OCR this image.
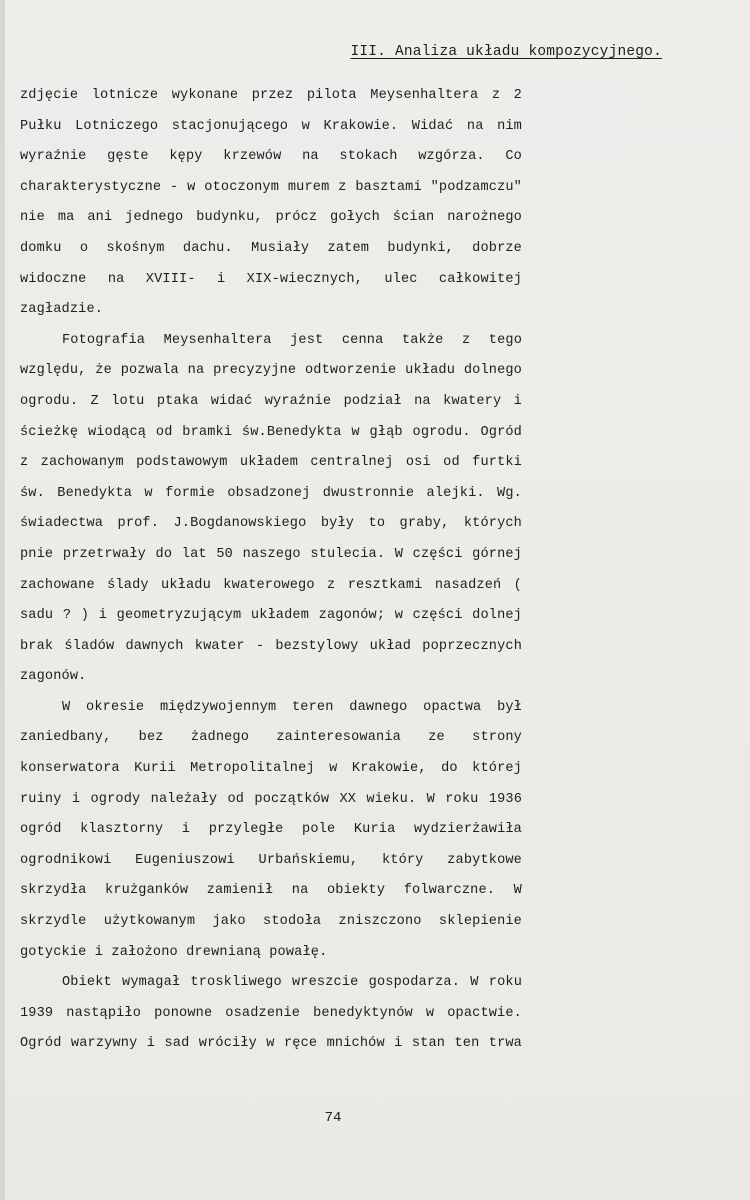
III. Analiza układu kompozycyjnego.
zdjęcie lotnicze wykonane przez pilota Meysenhaltera z 2
Pułku Lotniczego stacjonującego w Krakowie. Widać na nim
wyraźnie gęste kępy krzewów na stokach wzgórza. Co
charakterystyczne - w otoczonym murem z basztami "podzamczu"
nie ma ani jednego budynku, prócz gołych ścian narożnego
domku o skośnym dachu. Musiały zatem budynki, dobrze
widoczne na XVIII- i XIX-wiecznych, ulec całkowitej
zagładzie.
Fotografia Meysenhaltera jest cenna także z tego
względu, że pozwala na precyzyjne odtworzenie układu dolnego
ogrodu. Z lotu ptaka widać wyraźnie podział na kwatery i
ścieżkę wiodącą od bramki św.Benedykta w głąb ogrodu. Ogród
z zachowanym podstawowym układem centralnej osi od furtki
św. Benedykta w formie obsadzonej dwustronnie alejki. Wg.
świadectwa prof. J.Bogdanowskiego były to graby, których
pnie przetrwały do lat 50 naszego stulecia. W części górnej
zachowane ślady układu kwaterowego z resztkami nasadzeń (
sadu ? ) i geometryzującym układem zagonów; w części dolnej
brak śladów dawnych kwater - bezstylowy układ poprzecznych
zagonów.
W okresie międzywojennym teren dawnego opactwa był
zaniedbany, bez żadnego zainteresowania ze strony
konserwatora Kurii Metropolitalnej w Krakowie, do której
ruiny i ogrody należały od początków XX wieku. W roku 1936
ogród klasztorny i przyległe pole Kuria wydzierżawiła
ogrodnikowi Eugeniuszowi Urbańskiemu, który zabytkowe
skrzydła krużganków zamienił na obiekty folwarczne. W
skrzydle użytkowanym jako stodoła zniszczono sklepienie
gotyckie i założono drewnianą powałę.
Obiekt wymagał troskliwego wreszcie gospodarza. W roku
1939 nastąpiło ponowne osadzenie benedyktynów w opactwie.
Ogród warzywny i sad wróciły w ręce mnichów i stan ten trwa
74
